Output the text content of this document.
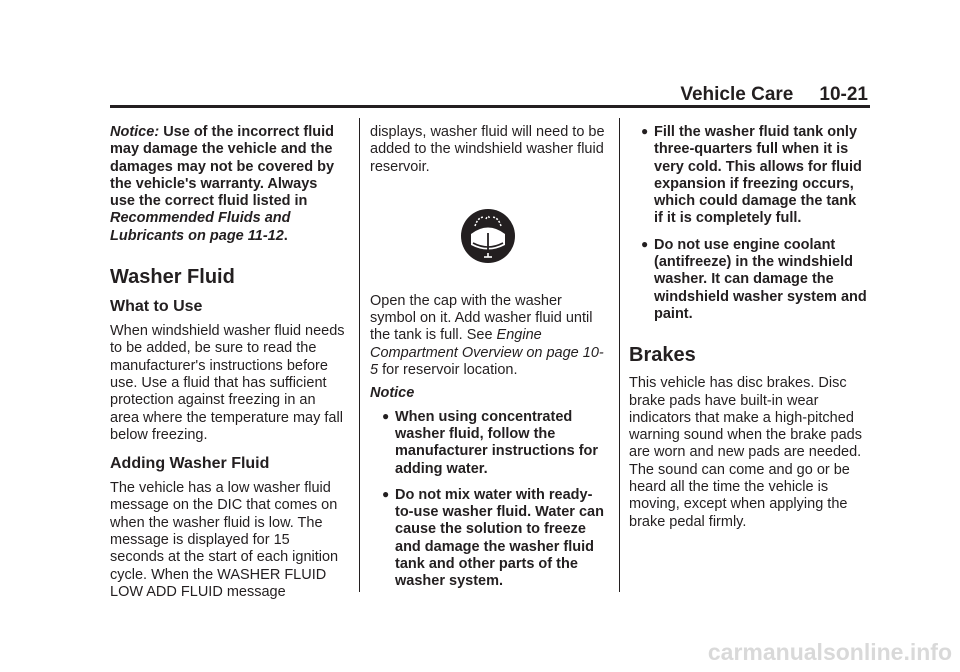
Vehicle Care 10-21

Notice: Use of the incorrect fluid may damage the vehicle and the damages may not be covered by the vehicle's warranty. Always use the correct fluid listed in Recommended Fluids and Lubricants on page 11-12.

Washer Fluid
What to Use

When windshield washer fluid needs to be added, be sure to read the manufacturer's instructions before use. Use a fluid that has sufficient protection against freezing in an area where the temperature may fall below freezing.

Adding Washer Fluid

The vehicle has a low washer fluid message on the DIC that comes on when the washer fluid is low. The message is displayed for 15 seconds at the start of each ignition cycle. When the WASHER FLUID LOW ADD FLUID message

displays, washer fluid will need to be added to the windshield washer fluid reservoir.

Open the cap with the washer symbol on it. Add washer fluid until the tank is full. See Engine Compartment Overview on page 10-5 for reservoir location.

Notice

● When using concentrated washer fluid, follow the manufacturer instructions for adding water.
● Do not mix water with ready-to-use washer fluid. Water can cause the solution to freeze and damage the washer fluid tank and other parts of the washer system.
● Fill the washer fluid tank only three-quarters full when it is very cold. This allows for fluid expansion if freezing occurs, which could damage the tank if it is completely full.
● Do not use engine coolant (antifreeze) in the windshield washer. It can damage the windshield washer system and paint.
Brakes

This vehicle has disc brakes. Disc brake pads have built-in wear indicators that make a high-pitched warning sound when the brake pads are worn and new pads are needed. The sound can come and go or be heard all the time the vehicle is moving, except when applying the brake pedal firmly.

carmanualsonline.info
